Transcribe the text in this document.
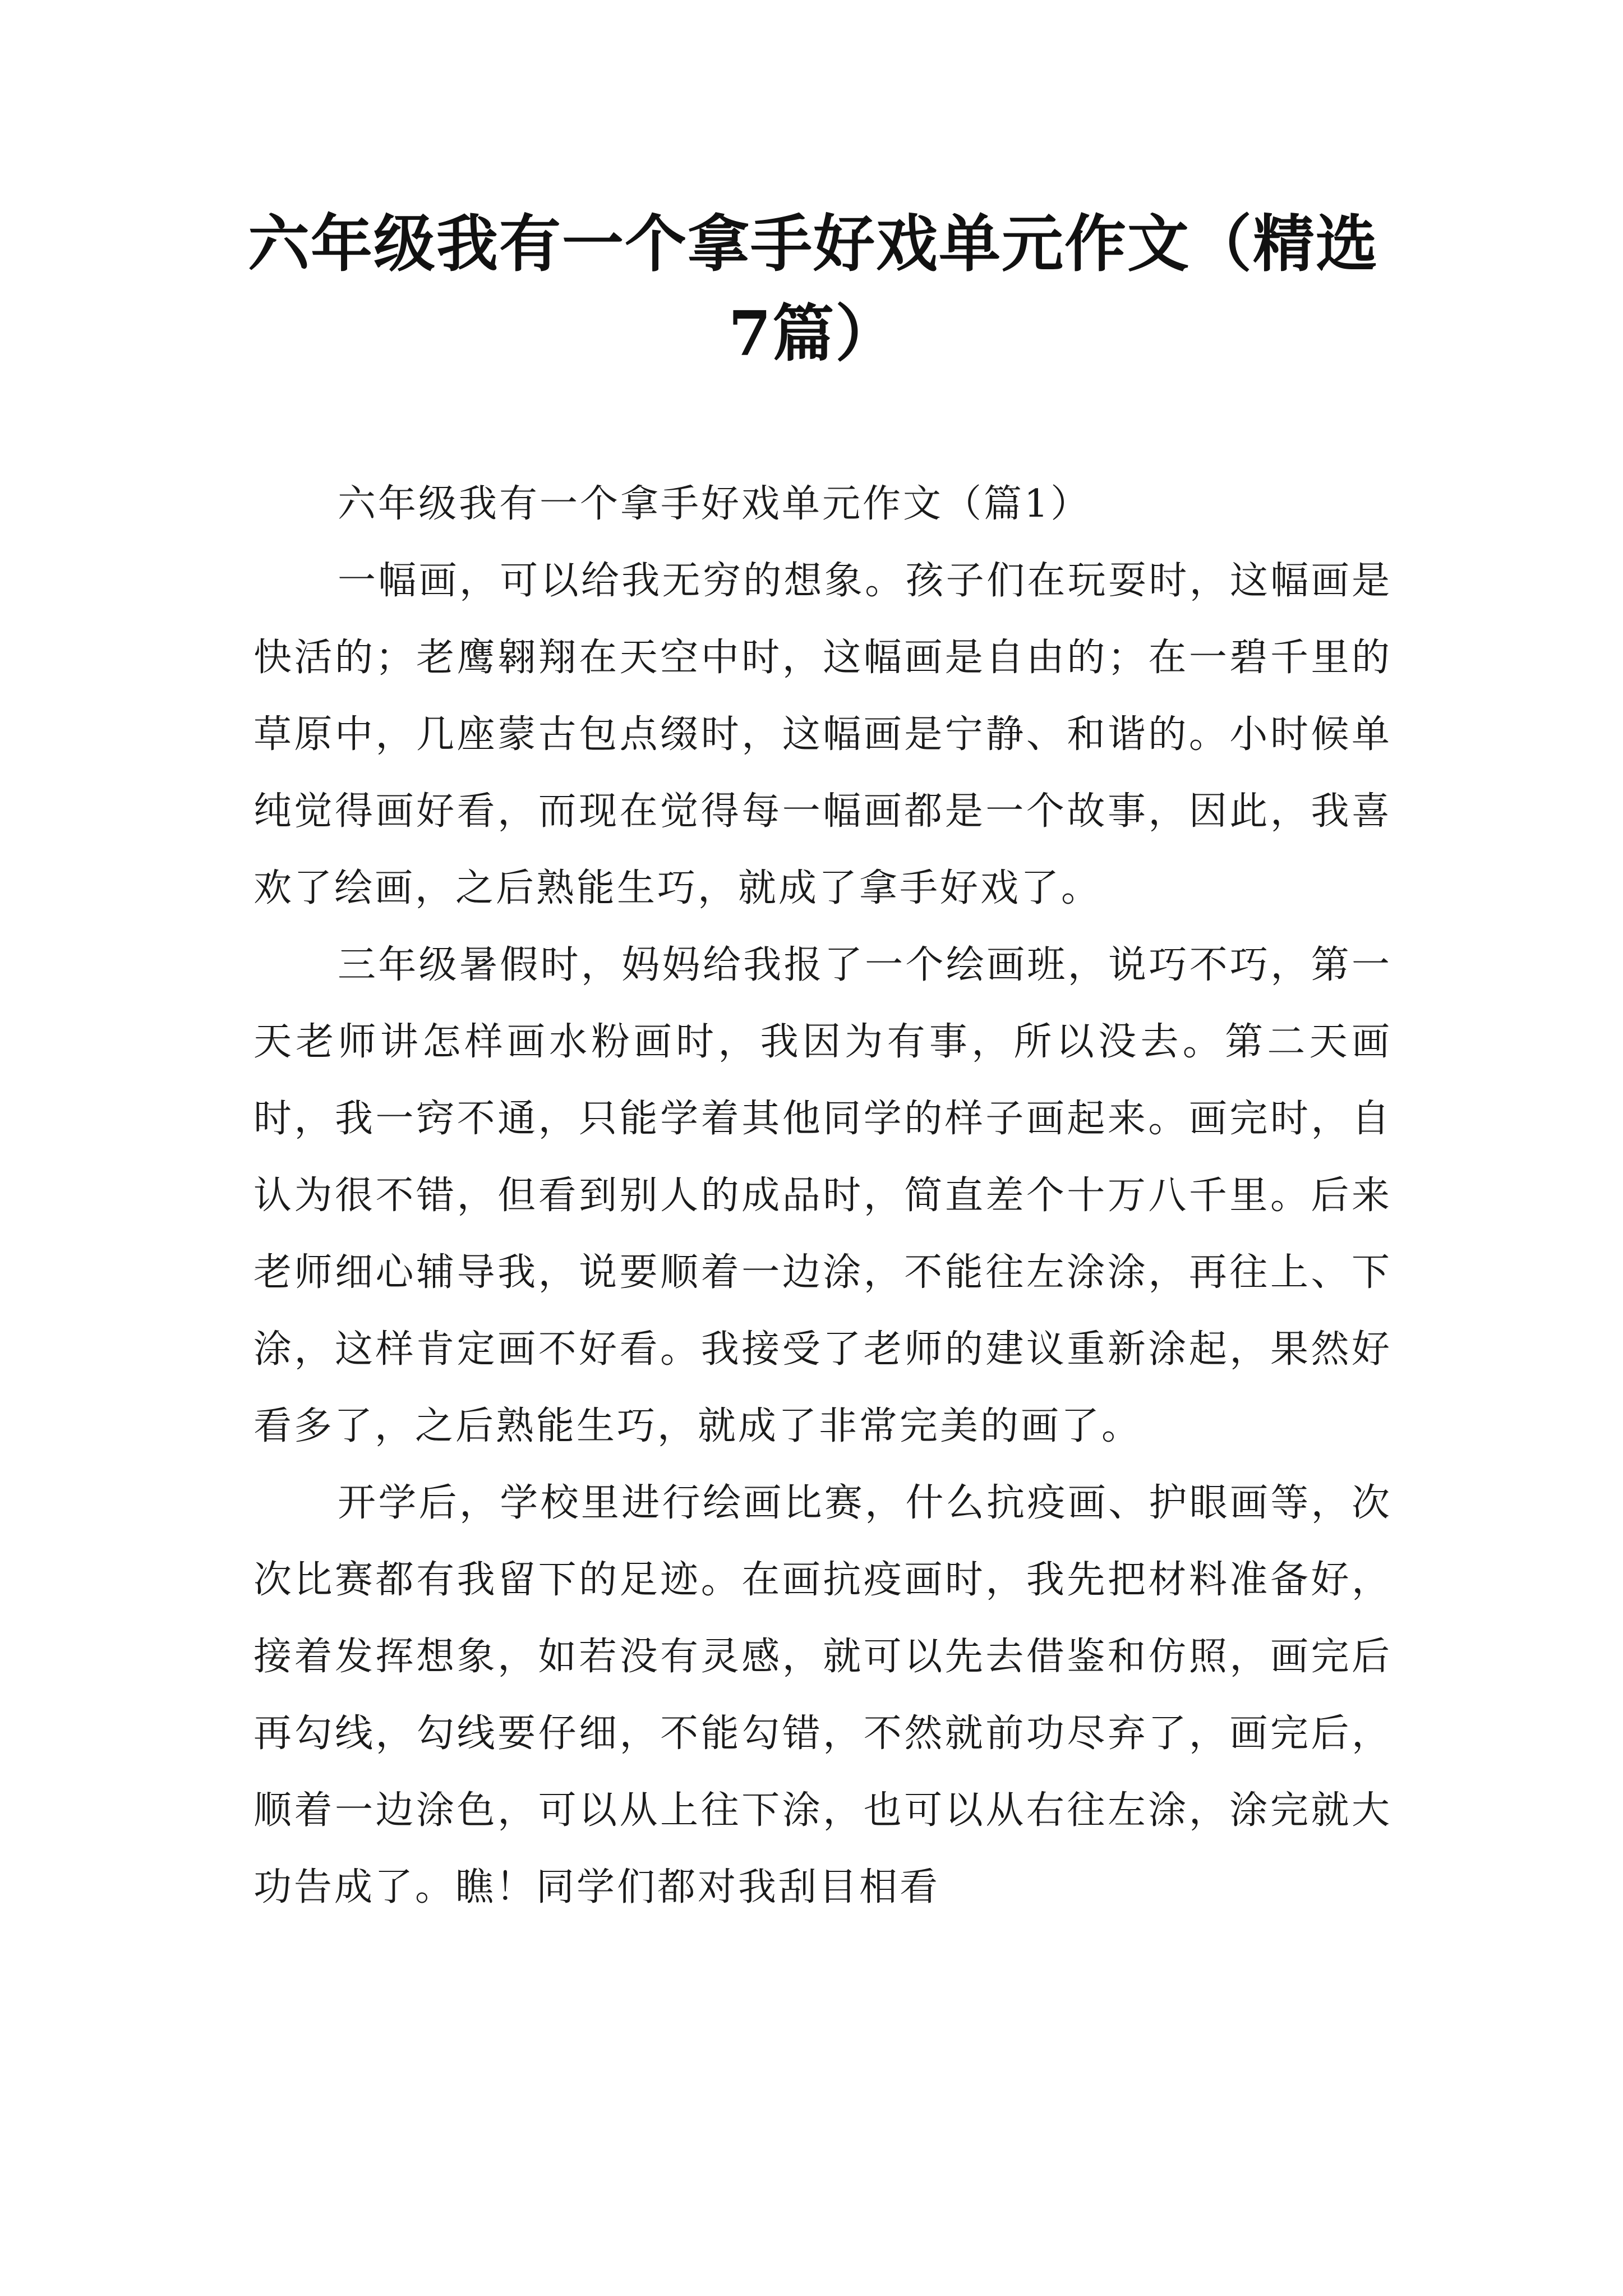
六年级我有一个拿手好戏单元作文（精选7篇）

六年级我有一个拿手好戏单元作文（篇1）

一幅画，可以给我无穷的想象。孩子们在玩耍时，这幅画是快活的；老鹰翱翔在天空中时，这幅画是自由的；在一碧千里的草原中，几座蒙古包点缀时，这幅画是宁静、和谐的。小时候单纯觉得画好看，而现在觉得每一幅画都是一个故事，因此，我喜欢了绘画，之后熟能生巧，就成了拿手好戏了。

三年级暑假时，妈妈给我报了一个绘画班，说巧不巧，第一天老师讲怎样画水粉画时，我因为有事，所以没去。第二天画时，我一窍不通，只能学着其他同学的样子画起来。画完时，自认为很不错，但看到别人的成品时，简直差个十万八千里。后来老师细心辅导我，说要顺着一边涂，不能往左涂涂，再往上、下涂，这样肯定画不好看。我接受了老师的建议重新涂起，果然好看多了，之后熟能生巧，就成了非常完美的画了。

开学后，学校里进行绘画比赛，什么抗疫画、护眼画等，次次比赛都有我留下的足迹。在画抗疫画时，我先把材料准备好，接着发挥想象，如若没有灵感，就可以先去借鉴和仿照，画完后再勾线，勾线要仔细，不能勾错，不然就前功尽弃了，画完后，顺着一边涂色，可以从上往下涂，也可以从右往左涂，涂完就大功告成了。瞧！同学们都对我刮目相看
